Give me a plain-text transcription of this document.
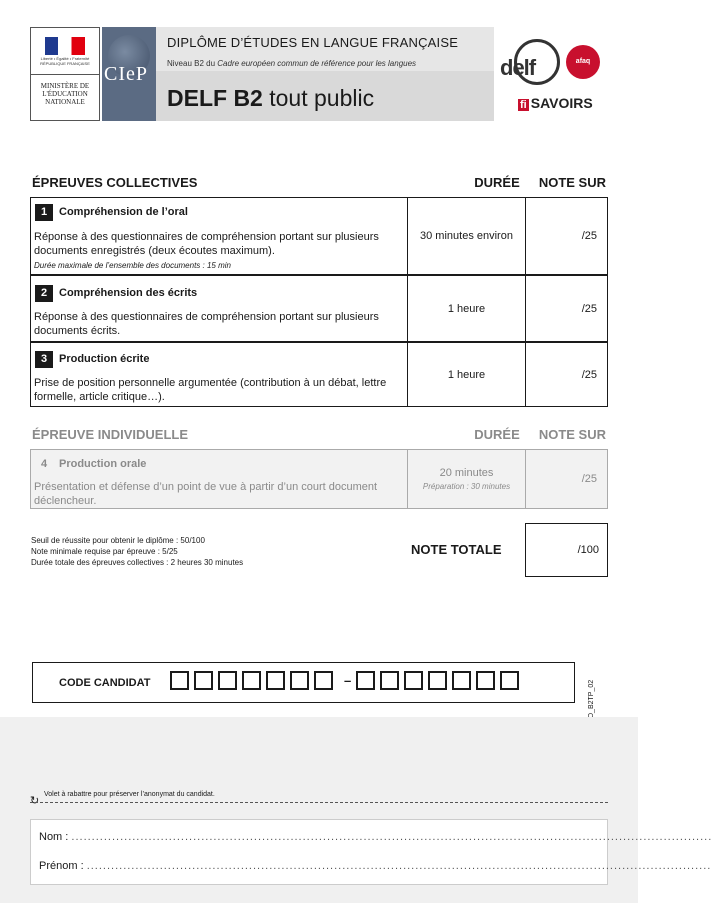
Liberté • Égalité • Fraternité
RÉPUBLIQUE FRANÇAISE
MINISTÈRE DE L'ÉDUCATION NATIONALE
CIeP
DIPLÔME D’ÉTUDES EN LANGUE FRANÇAISE
Niveau B2 du Cadre européen commun de référence pour les langues
DELF B2 tout public
delf	afaq
fi SAVOIRS
ÉPREUVES COLLECTIVES	DURÉE	NOTE SUR
1	Compréhension de l’oral
Réponse à des questionnaires de compréhension portant sur plusieurs documents enregistrés (deux écoutes maximum).
Durée maximale de l’ensemble des documents : 15 min
30 minutes environ	/25
2	Compréhension des écrits
Réponse à des questionnaires de compréhension portant sur plusieurs documents écrits.
1 heure	/25
3	Production écrite
Prise de position personnelle argumentée (contribution à un débat, lettre formelle, article critique…).
1 heure	/25
ÉPREUVE INDIVIDUELLE	DURÉE	NOTE SUR
4	Production orale
Présentation et défense d’un point de vue à partir d’un court document déclencheur.
20 minutes
Préparation : 30 minutes
/25
Seuil de réussite pour obtenir le diplôme : 50/100
Note minimale requise par épreuve : 5/25
Durée totale des épreuves collectives : 2 heures 30 minutes
NOTE TOTALE	/100
CODE CANDIDAT	–
↻
Volet à rabattre pour préserver l’anonymat du candidat.
Nom : ..............................................................................................................................................................
Prénom : ..........................................................................................................................................................
